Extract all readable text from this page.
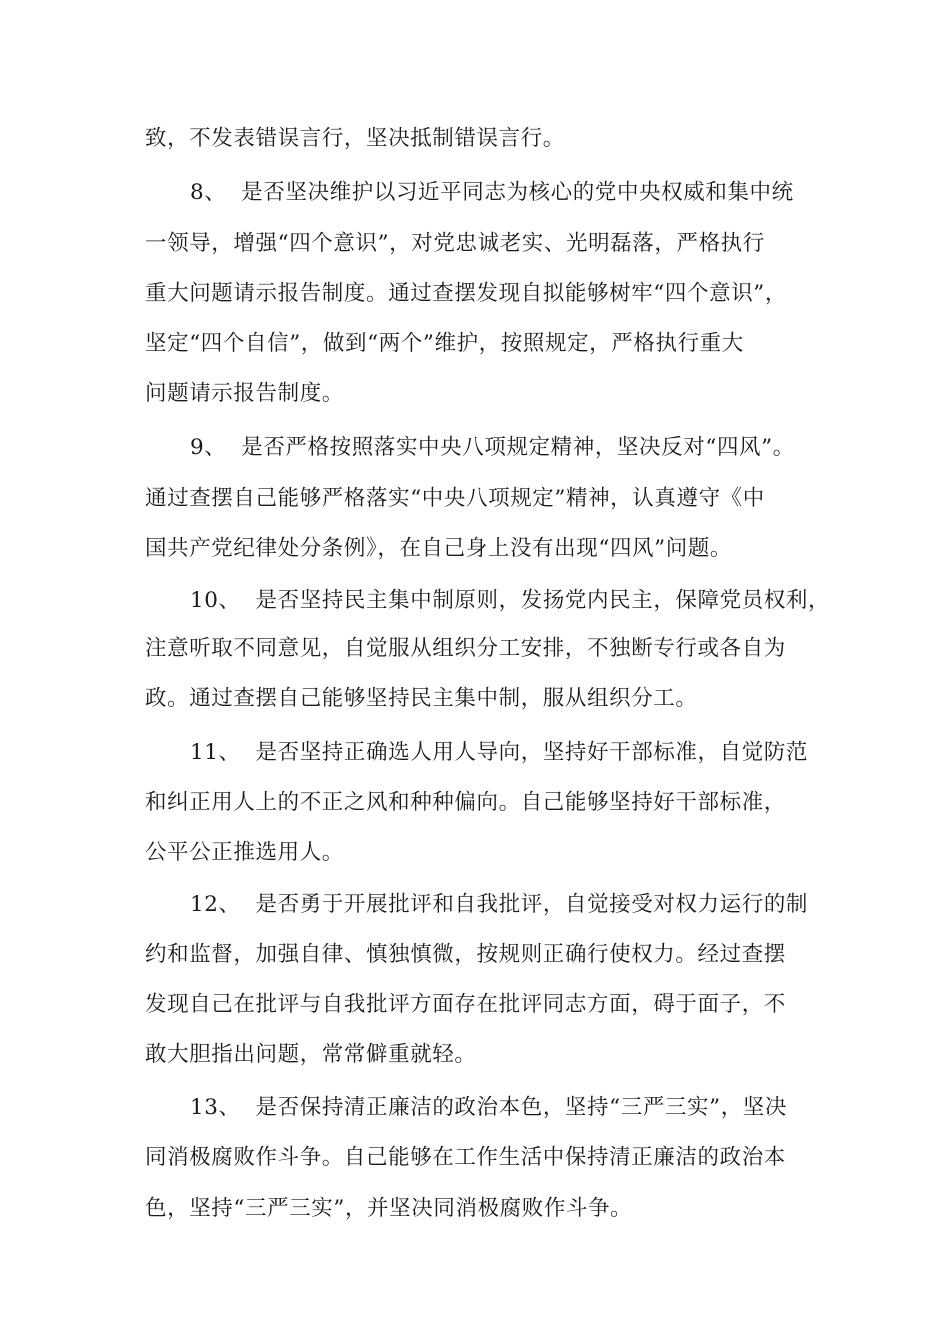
致，不发表错误言行，坚决抵制错误言行。
8、  是否坚决维护以习近平同志为核心的党中央权威和集中统
一领导，增强“四个意识”，对党忠诚老实、光明磊落，严格执行
重大问题请示报告制度。通过查摆发现自拟能够树牢“四个意识”，
坚定“四个自信”，做到“两个”维护，按照规定，严格执行重大
问题请示报告制度。
9、  是否严格按照落实中央八项规定精神，坚决反对“四风”。
通过查摆自己能够严格落实“中央八项规定”精神，认真遵守《中
国共产党纪律处分条例》，在自己身上没有出现“四风”问题。
10、  是否坚持民主集中制原则，发扬党内民主，保障党员权利，
注意听取不同意见，自觉服从组织分工安排，不独断专行或各自为
政。通过查摆自己能够坚持民主集中制，服从组织分工。
11、  是否坚持正确选人用人导向，坚持好干部标准，自觉防范
和纠正用人上的不正之风和种种偏向。自己能够坚持好干部标准，
公平公正推选用人。
12、  是否勇于开展批评和自我批评，自觉接受对权力运行的制
约和监督，加强自律、慎独慎微，按规则正确行使权力。经过查摆
发现自己在批评与自我批评方面存在批评同志方面，碍于面子，不
敢大胆指出问题，常常僻重就轻。
13、  是否保持清正廉洁的政治本色，坚持“三严三实”，坚决
同消极腐败作斗争。自己能够在工作生活中保持清正廉洁的政治本
色，坚持“三严三实”，并坚决同消极腐败作斗争。
